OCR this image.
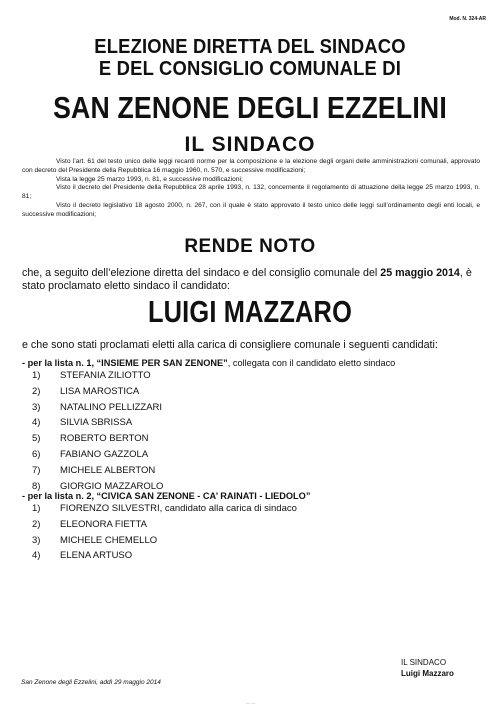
Mod. N. 324-AR
ELEZIONE DIRETTA DEL SINDACO
E DEL CONSIGLIO COMUNALE DI
SAN ZENONE DEGLI EZZELINI
IL SINDACO

Visto l’art. 61 del testo unico delle leggi recanti norme per la composizione e la elezione degli organi delle amministrazioni comunali, approvato con decreto del Presidente della Repubblica 16 maggio 1960, n. 570, e successive modificazioni;

Vista la legge 25 marzo 1993, n. 81, e successive modificazioni;

Visto il decreto del Presidente della Repubblica 28 aprile 1993, n. 132, concernente il regolamento di attuazione della legge 25 marzo 1993, n. 81;

Visto il decreto legislativo 18 agosto 2000, n. 267, con il quale è stato approvato il testo unico delle leggi sull’ordinamento degli enti locali, e successive modificazioni;

RENDE NOTO
che, a seguito dell’elezione diretta del sindaco e del consiglio comunale del 25 maggio 2014, è stato proclamato eletto sindaco il candidato:
LUIGI MAZZARO
e che sono stati proclamati eletti alla carica di consigliere comunale i seguenti candidati:
- per la lista n. 1, “INSIEME PER SAN ZENONE”, collegata con il candidato eletto sindaco
1)	STEFANIA ZILIOTTO
2)	LISA MAROSTICA
3)	NATALINO PELLIZZARI
4)	SILVIA SBRISSA
5)	ROBERTO BERTON
6)	FABIANO GAZZOLA
7)	MICHELE ALBERTON
8)	GIORGIO MAZZAROLO
- per la lista n. 2, “CIVICA SAN ZENONE - CA’ RAINATI - LIEDOLO”
1)	FIORENZO SILVESTRI, candidato alla carica di sindaco
2)	ELEONORA FIETTA
3)	MICHELE CHEMELLO
4)	ELENA ARTUSO
IL SINDACO
Luigi Mazzaro
San Zenone degli Ezzelini, addì 29 maggio 2014
— —
